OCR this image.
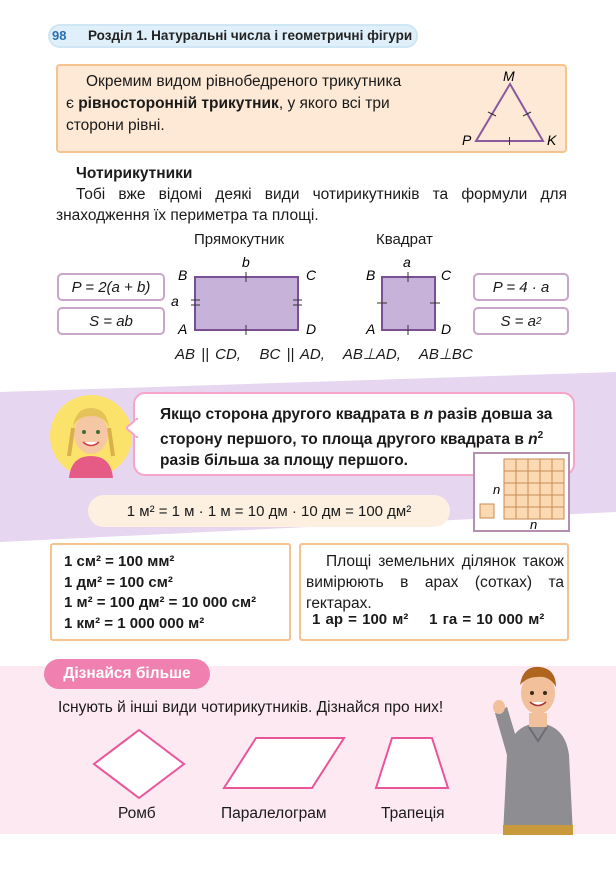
98	Розділ 1. Натуральні числа і геометричні фігури
Окремим видом рівнобедреного трикутника
є рівносторонній трикутник, у якого всі три
сторони рівні.
M
P	K
Чотирикутники
Тобі вже відомі деякі види чотирикутників та формули для знаходження їх периметра та площі.
Прямокутник	Квадрат
P = 2(a + b)
S = ab
P = 4 · a
S = a 2
B	C
A	D
b
a
B	C
A	D
a
AB || CD,   BC || AD,   AB⊥AD,   AB⊥BC
Якщо сторона другого квадрата в n разів довша за сторону першого, то площа другого квадрата в $n^2$ разів більша за площу першого.
n
n
1 м² = 1 м · 1 м = 10 дм · 10 дм = 100 дм²
1 см² = 100 мм²
1 дм² = 100 см²
1 м² = 100 дм² = 10 000 см²
1 км² = 1 000 000 м²
Площі земельних ділянок також вимірюють в арах (сотках) та гектарах.
1 ар = 100 м²    1 га = 10 000 м²
Дізнайся більше
Існують й інші види чотирикутників. Дізнайся про них!
Ромб	Паралелограм	Трапеція
